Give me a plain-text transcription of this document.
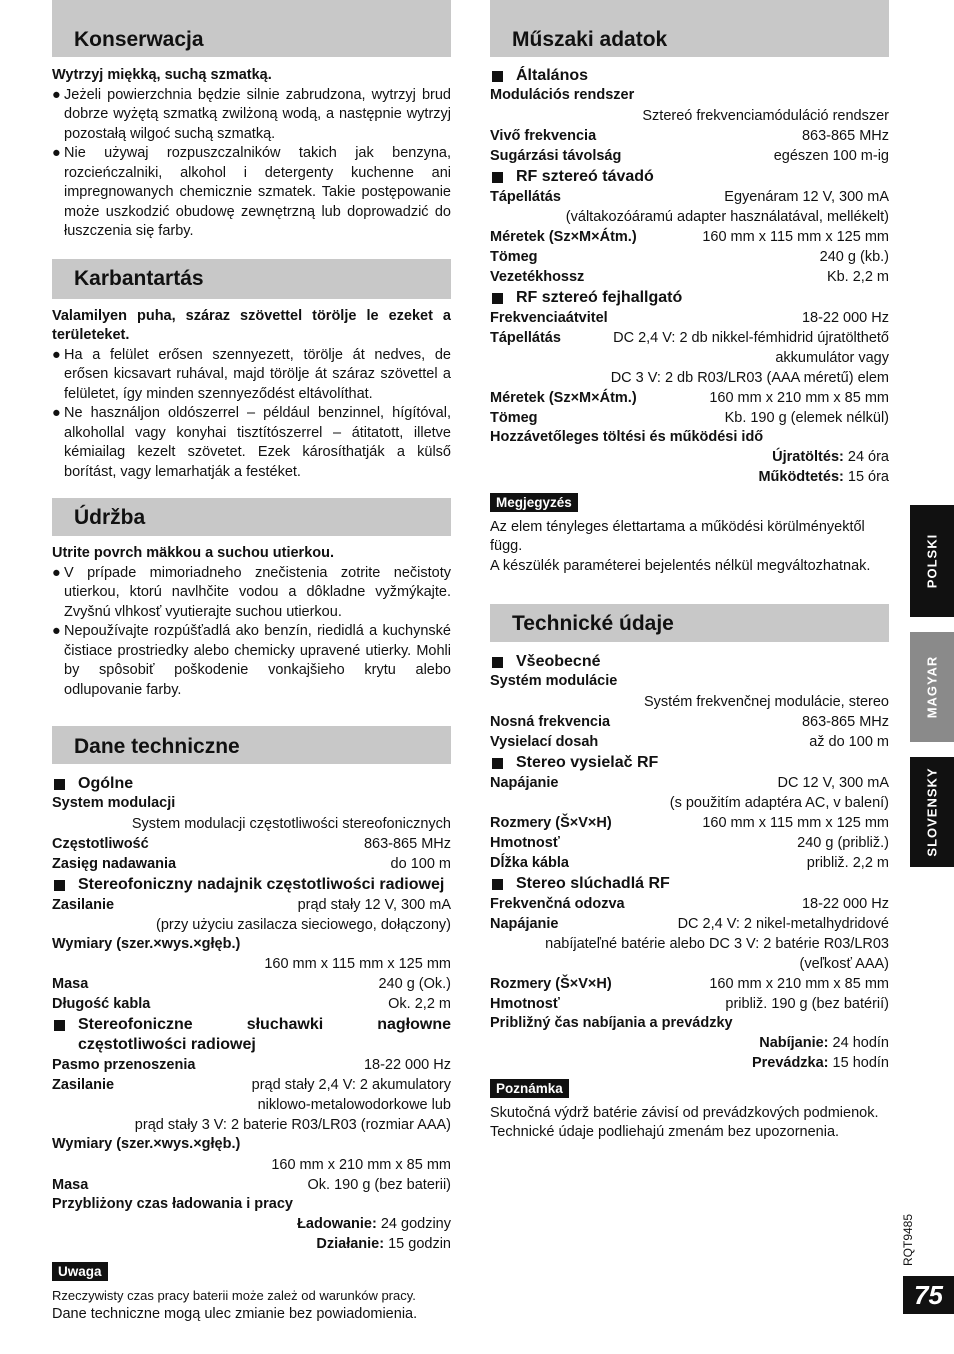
Konserwacja
Wytrzyj miękką, suchą szmatką.
● Jeżeli powierzchnia będzie silnie zabrudzona, wytrzyj brud dobrze wyżętą szmatką zwilżoną wodą, a następnie wytrzyj pozostałą wilgoć suchą szmatką.
● Nie używaj rozpuszczalników takich jak benzyna, rozcieńczalniki, alkohol i detergenty kuchenne ani impregnowanych chemicznie szmatek. Takie postępowanie może uszkodzić obudowę zewnętrzną lub doprowadzić do łuszczenia się farby.
Karbantartás
Valamilyen puha, száraz szövettel törölje le ezeket a területeket.
● Ha a felület erősen szennyezett, törölje át nedves, de erősen kicsavart ruhával, majd törölje át száraz szövettel a felületet, így minden szennyeződést eltávolíthat.
● Ne használjon oldószerrel – például benzinnel, hígítóval, alkohollal vagy konyhai tisztítószerrel – átitatott, illetve kémiailag kezelt szövetet. Ezek károsíthatják a külső borítást, vagy lemarhatják a festéket.
Údržba
Utrite povrch mäkkou a suchou utierkou.
● V prípade mimoriadneho znečistenia zotrite nečistoty utierkou, ktorú navlhčite vodou a dôkladne vyžmýkajte. Zvyšnú vlhkosť vyutierajte suchou utierkou.
● Nepoužívajte rozpúšťadlá ako benzín, riedidlá a kuchynské čistiace prostriedky alebo chemicky upravené utierky. Mohli by spôsobiť poškodenie vonkajšieho krytu alebo odlupovanie farby.
Dane techniczne
Ogólne
System modulacji
System modulacji częstotliwości stereofonicznych
Częstotliwość	863-865 MHz
Zasięg nadawania	do 100 m
Stereofoniczny nadajnik częstotliwości radiowej
Zasilanie	prąd stały 12 V, 300 mA
(przy użyciu zasilacza sieciowego, dołączony)
Wymiary (szer.×wys.×głęb.)
160 mm x 115 mm x 125 mm
Masa	240 g (Ok.)
Długość kabla	Ok. 2,2 m
Stereofoniczne słuchawki nagłowne częstotliwości radiowej
Pasmo przenoszenia	18-22 000 Hz
Zasilanie	prąd stały 2,4 V: 2 akumulatory
niklowo-metalowodorkowe lub
prąd stały 3 V: 2 baterie R03/LR03 (rozmiar AAA)
Wymiary (szer.×wys.×głęb.)
160 mm x 210 mm x 85 mm
Masa	Ok. 190 g (bez baterii)
Przybliżony czas ładowania i pracy
Ładowanie: 24 godziny
Działanie: 15 godzin
Uwaga
Rzeczywisty czas pracy baterii może zależ od warunków pracy.
Dane techniczne mogą ulec zmianie bez powiadomienia.
Műszaki adatok
Általános
Modulációs rendszer
Sztereó frekvenciamóduláció rendszer
Vivő frekvencia	863-865 MHz
Sugárzási távolság	egészen 100 m-ig
RF sztereó távadó
Tápellátás	Egyenáram 12 V, 300 mA
(váltakozóáramú adapter használatával, mellékelt)
Méretek (Sz×M×Átm.)	160 mm x 115 mm x 125 mm
Tömeg	240 g (kb.)
Vezetékhossz	Kb. 2,2 m
RF sztereó fejhallgató
Frekvenciaátvitel	18-22 000 Hz
Tápellátás	DC 2,4 V: 2 db nikkel-fémhidrid újratölthető
akkumulátor vagy
DC 3 V: 2 db R03/LR03 (AAA méretű) elem
Méretek (Sz×M×Átm.)	160 mm x 210 mm x 85 mm
Tömeg	Kb. 190 g (elemek nélkül)
Hozzávetőleges töltési és működési idő
Újratöltés: 24 óra
Működtetés: 15 óra
Megjegyzés
Az elem tényleges élettartama a működési körülményektől függ.
A készülék paraméterei bejelentés nélkül megváltozhatnak.
Technické údaje
Všeobecné
Systém modulácie
Systém frekvenčnej modulácie, stereo
Nosná frekvencia	863-865 MHz
Vysielací dosah	až do 100 m
Stereo vysielač RF
Napájanie	DC 12 V, 300 mA
(s použitím adaptéra AC, v balení)
Rozmery (Š×V×H)	160 mm x 115 mm x 125 mm
Hmotnosť	240 g (približ.)
Dĺžka kábla	približ. 2,2 m
Stereo slúchadlá RF
Frekvenčná odozva	18-22 000 Hz
Napájanie	DC 2,4 V: 2 nikel-metalhydridové
nabíjateľné batérie alebo DC 3 V: 2 batérie R03/LR03
(veľkosť AAA)
Rozmery (Š×V×H)	160 mm x 210 mm x 85 mm
Hmotnosť	približ. 190 g (bez batérií)
Približný čas nabíjania a prevádzky
Nabíjanie: 24 hodín
Prevádzka: 15 hodín
Poznámka
Skutočná výdrž batérie závisí od prevádzkových podmienok.
Technické údaje podliehajú zmenám bez upozornenia.
POLSKI
MAGYAR
SLOVENSKY
RQT9485
75
